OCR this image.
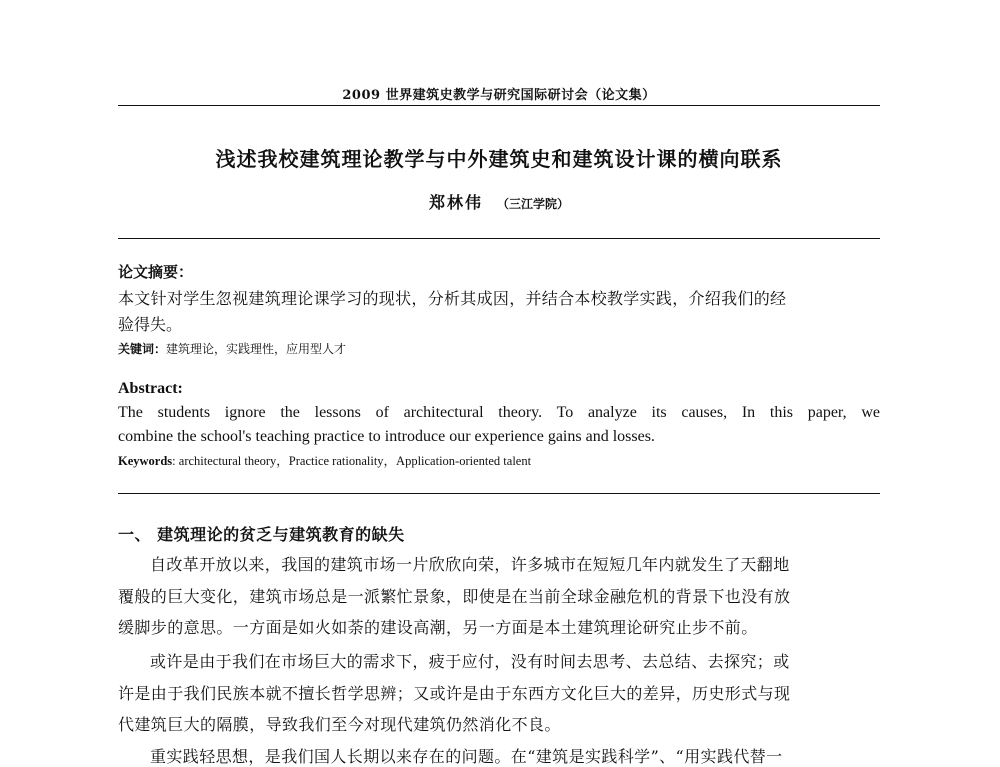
2009 世界建筑史教学与研究国际研讨会（论文集）
浅述我校建筑理论教学与中外建筑史和建筑设计课的横向联系
郑林伟 （三江学院）
论文摘要：
本文针对学生忽视建筑理论课学习的现状，分析其成因，并结合本校教学实践，介绍我们的经
验得失。
关键词：建筑理论，实践理性，应用型人才
Abstract:
The students ignore the lessons of architectural theory. To analyze its causes, In this paper, we
combine the school's teaching practice to introduce our experience gains and losses.
Keywords: architectural theory，Practice rationality，Application-oriented talent
一、 建筑理论的贫乏与建筑教育的缺失
自改革开放以来，我国的建筑市场一片欣欣向荣，许多城市在短短几年内就发生了天翻地
覆般的巨大变化，建筑市场总是一派繁忙景象，即使是在当前全球金融危机的背景下也没有放
缓脚步的意思。一方面是如火如荼的建设高潮，另一方面是本土建筑理论研究止步不前。
或许是由于我们在市场巨大的需求下，疲于应付，没有时间去思考、去总结、去探究；或
许是由于我们民族本就不擅长哲学思辨；又或许是由于东西方文化巨大的差异，历史形式与现
代建筑巨大的隔膜，导致我们至今对现代建筑仍然消化不良。
重实践轻思想，是我们国人长期以来存在的问题。在“建筑是实践科学”、“用实践代替一
